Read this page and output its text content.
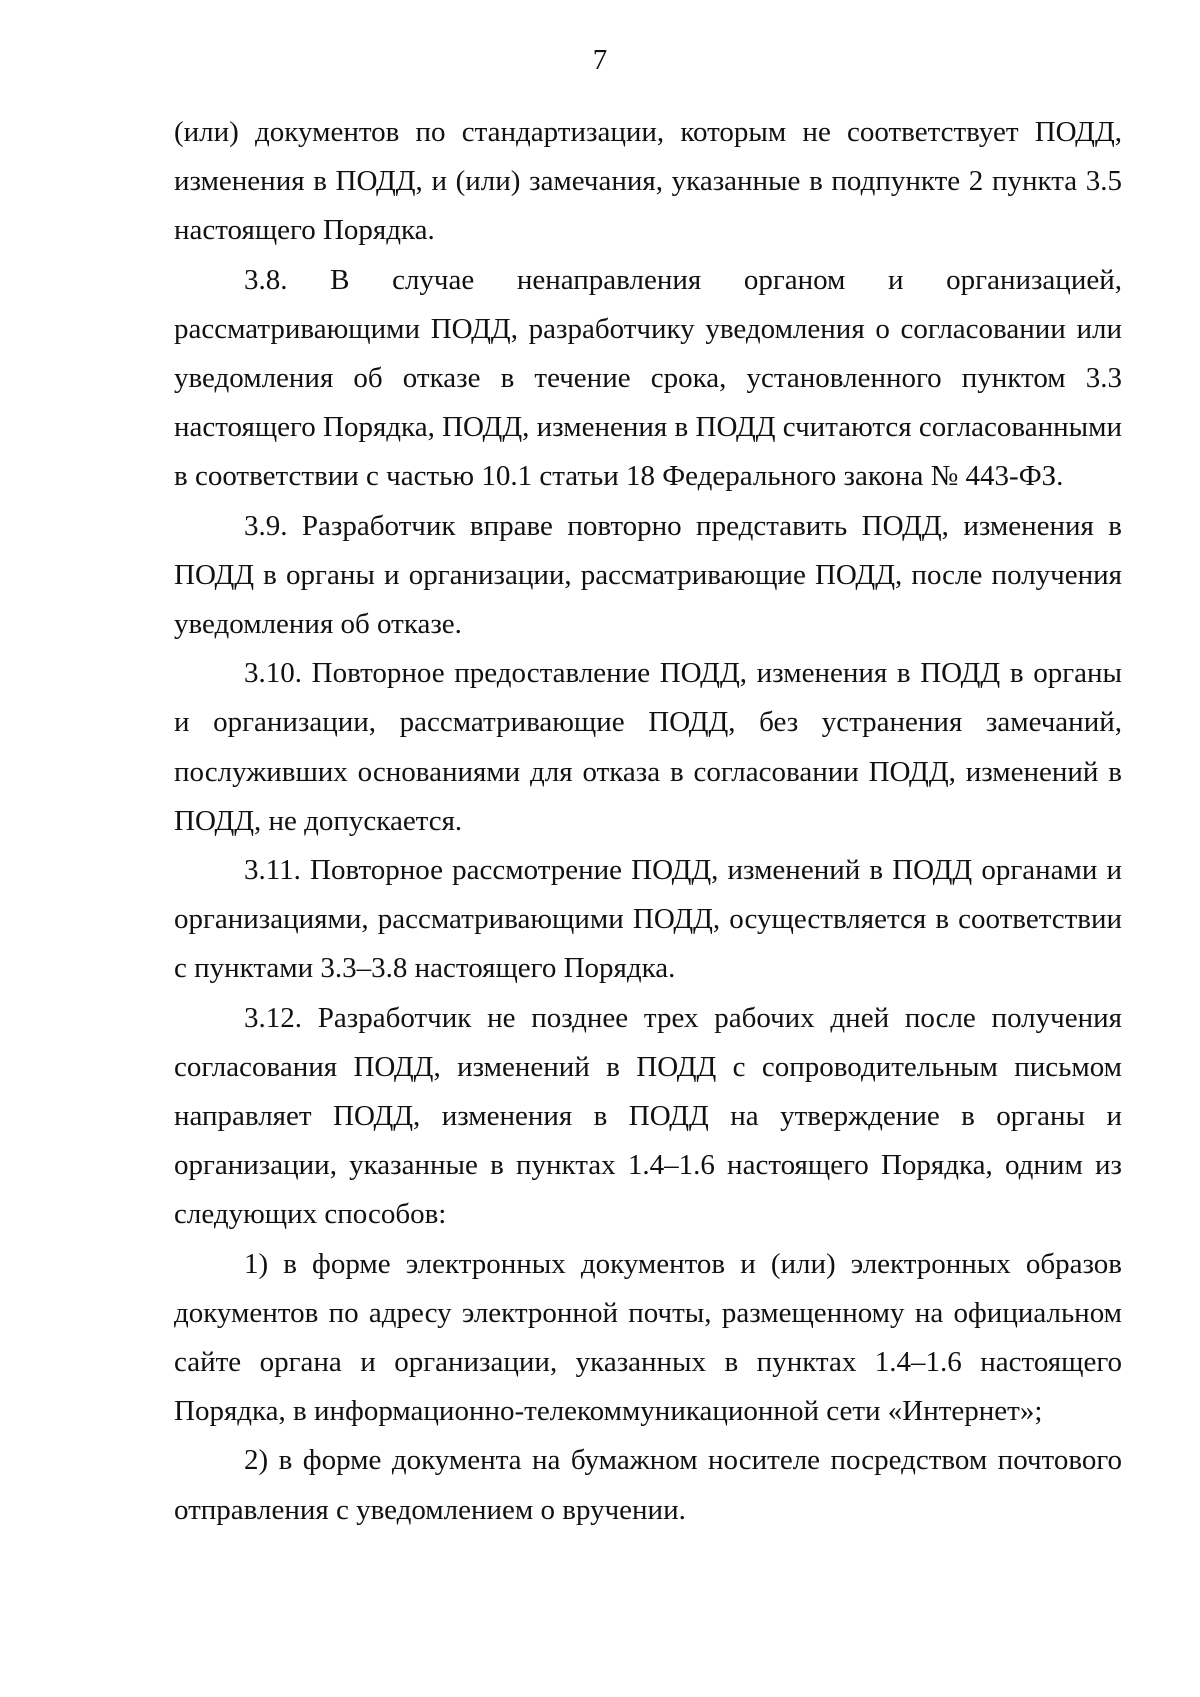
7

(или) документов по стандартизации, которым не соответствует ПОДД, изменения в ПОДД, и (или) замечания, указанные в подпункте 2 пункта 3.5 настоящего Порядка.

3.8. В случае ненаправления органом и организацией, рассматривающими ПОДД, разработчику уведомления о согласовании или уведомления об отказе в течение срока, установленного пунктом 3.3 настоящего Порядка, ПОДД, изменения в ПОДД считаются согласованными в соответствии с частью 10.1 статьи 18 Федерального закона № 443-ФЗ.

3.9. Разработчик вправе повторно представить ПОДД, изменения в ПОДД в органы и организации, рассматривающие ПОДД, после получения уведомления об отказе.

3.10. Повторное предоставление ПОДД, изменения в ПОДД в органы и организации, рассматривающие ПОДД, без устранения замечаний, послуживших основаниями для отказа в согласовании ПОДД, изменений в ПОДД, не допускается.

3.11. Повторное рассмотрение ПОДД, изменений в ПОДД органами и организациями, рассматривающими ПОДД, осуществляется в соответствии с пунктами 3.3–3.8 настоящего Порядка.

3.12. Разработчик не позднее трех рабочих дней после получения согласования ПОДД, изменений в ПОДД с сопроводительным письмом направляет ПОДД, изменения в ПОДД на утверждение в органы и организации, указанные в пунктах 1.4–1.6 настоящего Порядка, одним из следующих способов:

1) в форме электронных документов и (или) электронных образов документов по адресу электронной почты, размещенному на официальном сайте органа и организации, указанных в пунктах 1.4–1.6 настоящего Порядка, в информационно-телекоммуникационной сети «Интернет»;

2) в форме документа на бумажном носителе посредством почтового отправления с уведомлением о вручении.
